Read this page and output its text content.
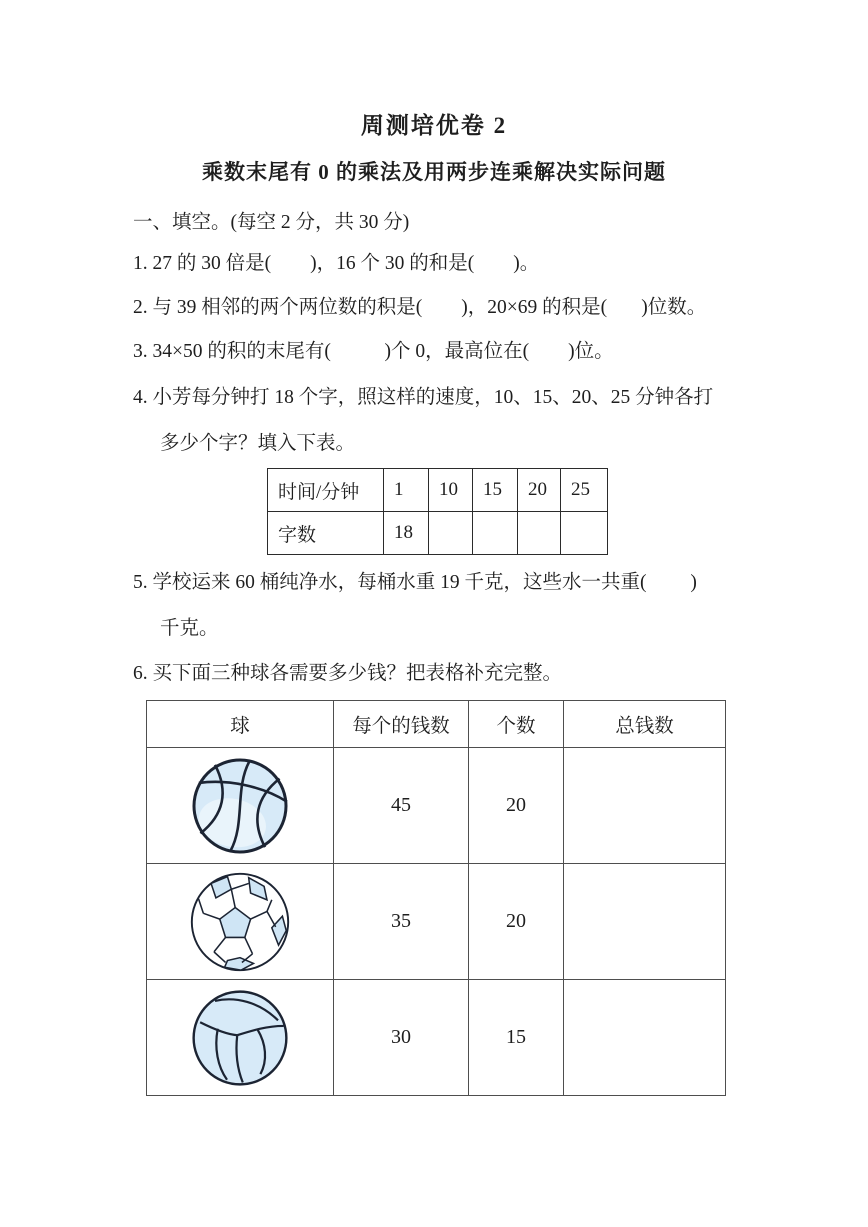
周测培优卷 2
乘数末尾有 0 的乘法及用两步连乘解决实际问题
一、填空。(每空 2 分，共 30 分)
1. 27 的 30 倍是(        )，16 个 30 的和是(        )。
2. 与 39 相邻的两个两位数的积是(        )，20×69 的积是(       )位数。
3. 34×50 的积的末尾有(           )个 0，最高位在(        )位。
4. 小芳每分钟打 18 个字，照这样的速度，10、15、20、25 分钟各打
多少个字？填入下表。
5. 学校运来 60 桶纯净水，每桶水重 19 千克，这些水一共重(         )
千克。
6. 买下面三种球各需要多少钱？把表格补充完整。
时间/分钟	1	10	15	20	25
字数	18				
球	每个的钱数	个数	总钱数

	45	20	

	35	20	

	30	15	
